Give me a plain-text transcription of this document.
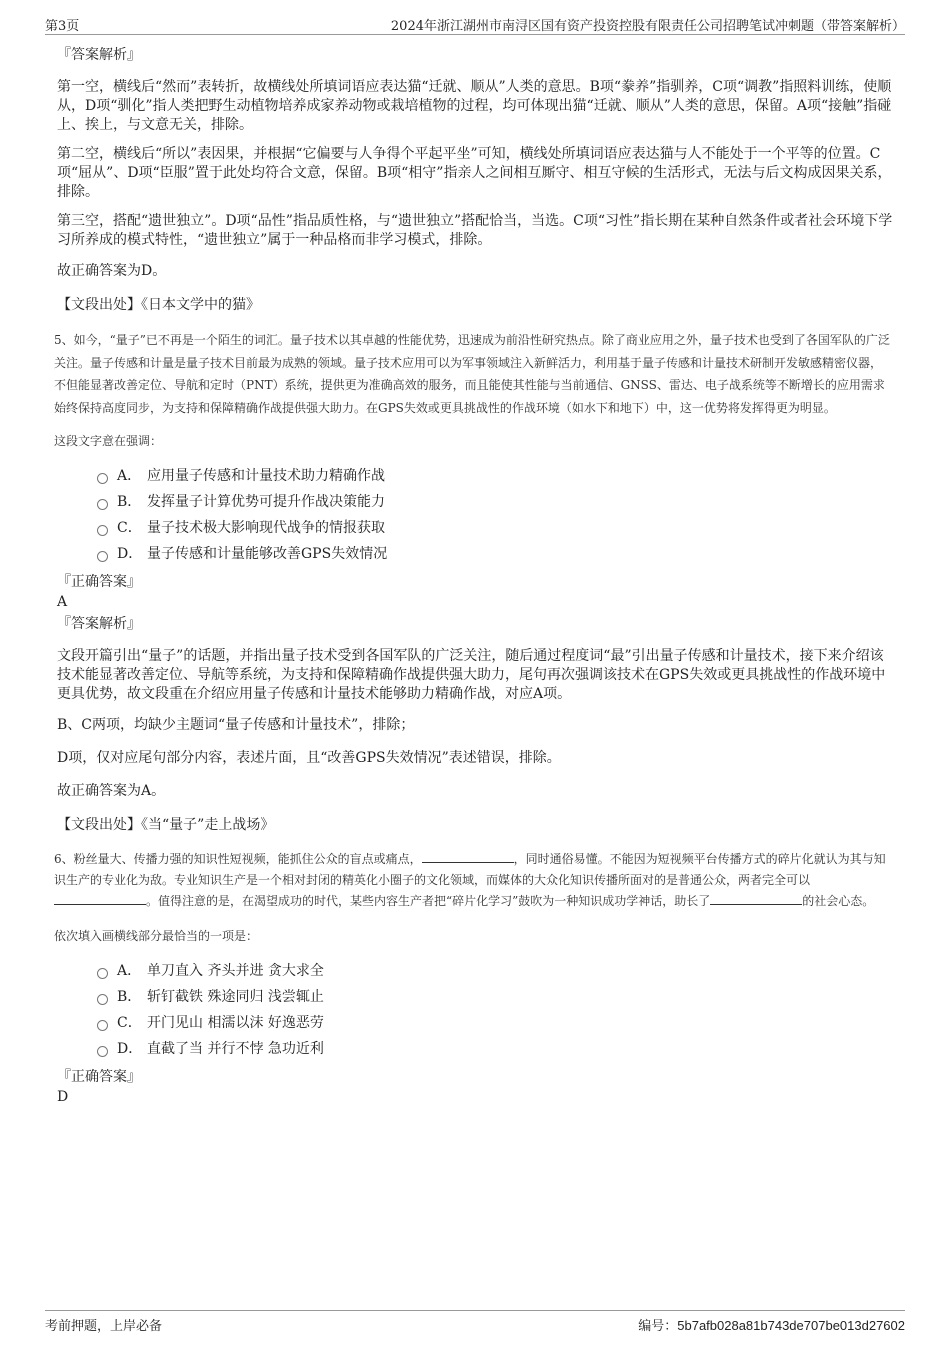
第3页	2024年浙江湖州市南浔区国有资产投资控股有限责任公司招聘笔试冲刺题（带答案解析）

『答案解析』

第一空，横线后“然而”表转折，故横线处所填词语应表达猫“迁就、顺从”人类的意思。B项“豢养”指驯养，C项“调教”指照料训练，使顺从，D项“驯化”指人类把野生动植物培养成家养动物或栽培植物的过程，均可体现出猫“迁就、顺从”人类的意思，保留。A项“接触”指碰上、挨上，与文意无关，排除。

第二空，横线后“所以”表因果，并根据“它偏要与人争得个平起平坐”可知，横线处所填词语应表达猫与人不能处于一个平等的位置。C项“屈从”、D项“臣服”置于此处均符合文意，保留。B项“相守”指亲人之间相互厮守、相互守候的生活形式，无法与后文构成因果关系，排除。

第三空，搭配“遗世独立”。D项“品性”指品质性格，与“遗世独立”搭配恰当，当选。C项“习性”指长期在某种自然条件或者社会环境下学习所养成的模式特性，“遗世独立”属于一种品格而非学习模式，排除。

故正确答案为D。

【文段出处】《日本文学中的猫》

5、如今，“量子”已不再是一个陌生的词汇。量子技术以其卓越的性能优势，迅速成为前沿性研究热点。除了商业应用之外，量子技术也受到了各国军队的广泛关注。量子传感和计量是量子技术目前最为成熟的领域。量子技术应用可以为军事领域注入新鲜活力，利用基于量子传感和计量技术研制开发敏感精密仪器，不但能显著改善定位、导航和定时（PNT）系统，提供更为准确高效的服务，而且能使其性能与当前通信、GNSS、雷达、电子战系统等不断增长的应用需求始终保持高度同步，为支持和保障精确作战提供强大助力。在GPS失效或更具挑战性的作战环境（如水下和地下）中，这一优势将发挥得更为明显。

这段文字意在强调：

A． 应用量子传感和计量技术助力精确作战
B． 发挥量子计算优势可提升作战决策能力
C． 量子技术极大影响现代战争的情报获取
D． 量子传感和计量能够改善GPS失效情况

『正确答案』

A

『答案解析』

文段开篇引出“量子”的话题，并指出量子技术受到各国军队的广泛关注，随后通过程度词“最”引出量子传感和计量技术，接下来介绍该技术能显著改善定位、导航等系统，为支持和保障精确作战提供强大助力，尾句再次强调该技术在GPS失效或更具挑战性的作战环境中更具优势，故文段重在介绍应用量子传感和计量技术能够助力精确作战，对应A项。

B、C两项，均缺少主题词“量子传感和计量技术”，排除；

D项，仅对应尾句部分内容，表述片面，且“改善GPS失效情况”表述错误，排除。

故正确答案为A。

【文段出处】《当“量子”走上战场》

6、粉丝量大、传播力强的知识性短视频，能抓住公众的盲点或痛点，	，同时通俗易懂。不能因为短视频平台传播方式的碎片化就认为其与知识生产的专业化为敌。专业知识生产是一个相对封闭的精英化小圈子的文化领域，而媒体的大众化知识传播所面对的是普通公众，两者完全可以。值得注意的是，在渴望成功的时代，某些内容生产者把“碎片化学习”鼓吹为一种知识成功学神话，助长了	的社会心态。

依次填入画横线部分最恰当的一项是：

A． 单刀直入 齐头并进 贪大求全
B． 斩钉截铁 殊途同归 浅尝辄止
C． 开门见山 相濡以沫 好逸恶劳
D． 直截了当 并行不悖 急功近利

『正确答案』

D

考前押题，上岸必备	编号：5b7afb028a81b743de707be013d27602
